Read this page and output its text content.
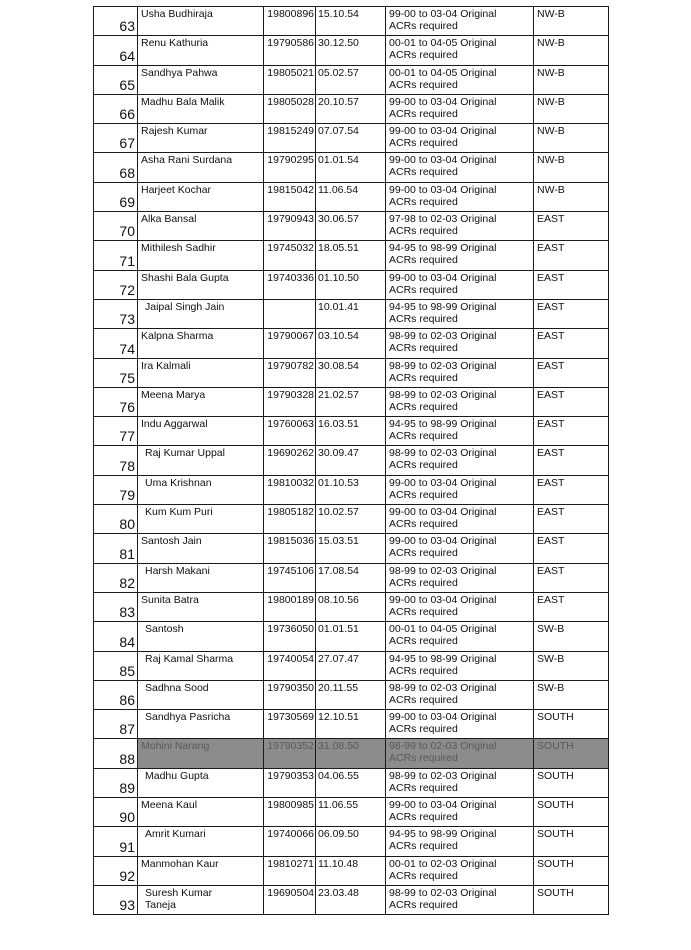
63	Usha Budhiraja	19800896	15.10.54	99-00 to 03-04 Original
ACRs required	NW-B

64	Renu Kathuria	19790586	30.12.50	00-01 to 04-05 Original
ACRs required	NW-B

65	Sandhya Pahwa	19805021	05.02.57	00-01 to 04-05 Original
ACRs required	NW-B

66	Madhu Bala Malik	19805028	20.10.57	99-00 to 03-04 Original
ACRs required	NW-B

67	Rajesh Kumar	19815249	07.07.54	99-00 to 03-04 Original
ACRs required	NW-B

68	Asha Rani Surdana	19790295	01.01.54	99-00 to 03-04 Original
ACRs required	NW-B

69	Harjeet Kochar	19815042	11.06.54	99-00 to 03-04 Original
ACRs required	NW-B

70	Alka Bansal	19790943	30.06.57	97-98 to 02-03 Original
ACRs required	EAST

71	Mithilesh Sadhir	19745032	18.05.51	94-95 to 98-99 Original
ACRs required	EAST

72	Shashi Bala Gupta	19740336	01.10.50	99-00 to 03-04 Original
ACRs required	EAST

73	Jaipal Singh Jain		10.01.41	94-95 to 98-99 Original
ACRs required	EAST

74	Kalpna Sharma	19790067	03.10.54	98-99 to 02-03 Original
ACRs required	EAST

75	Ira Kalmali	19790782	30.08.54	98-99 to 02-03 Original
ACRs required	EAST

76	Meena Marya	19790328	21.02.57	98-99 to 02-03 Original
ACRs required	EAST

77	Indu Aggarwal	19760063	16.03.51	94-95 to 98-99 Original
ACRs required	EAST

78	Raj Kumar Uppal	19690262	30.09.47	98-99 to 02-03 Original
ACRs required	EAST

79	Uma Krishnan	19810032	01.10.53	99-00 to 03-04 Original
ACRs required	EAST

80	Kum Kum Puri	19805182	10.02.57	99-00 to 03-04 Original
ACRs required	EAST

81	Santosh Jain	19815036	15.03.51	99-00 to 03-04 Original
ACRs required	EAST

82	Harsh Makani	19745106	17.08.54	98-99 to 02-03 Original
ACRs required	EAST

83	Sunita Batra	19800189	08.10.56	99-00 to 03-04 Original
ACRs required	EAST

84	Santosh	19736050	01.01.51	00-01 to 04-05 Original
ACRs required	SW-B

85	Raj Kamal Sharma	19740054	27.07.47	94-95 to 98-99 Original
ACRs required	SW-B

86	Sadhna Sood	19790350	20.11.55	98-99 to 02-03 Original
ACRs required	SW-B

87	Sandhya Pasricha	19730569	12.10.51	99-00 to 03-04 Original
ACRs required	SOUTH

88	Mohini Narang	19790352	31.08.50	98-99 to 02-03 Original
ACRs required	SOUTH

89	Madhu Gupta	19790353	04.06.55	98-99 to 02-03 Original
ACRs required	SOUTH

90	Meena Kaul	19800985	11.06.55	99-00 to 03-04 Original
ACRs required	SOUTH

91	Amrit Kumari	19740066	06.09.50	94-95 to 98-99 Original
ACRs required	SOUTH

92	Manmohan Kaur	19810271	11.10.48	00-01 to 02-03 Original
ACRs required	SOUTH

93	Suresh Kumar
Taneja	19690504	23.03.48	98-99 to 02-03 Original
ACRs required	SOUTH
